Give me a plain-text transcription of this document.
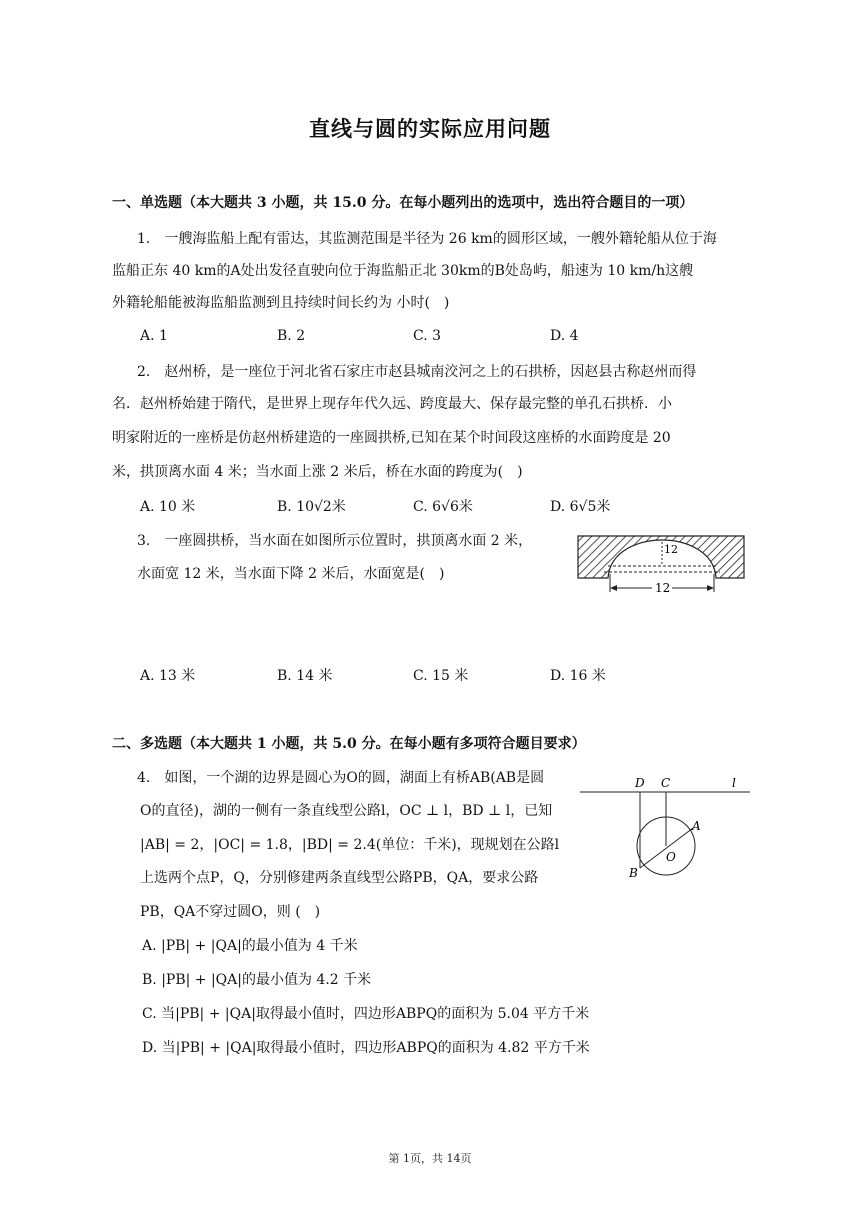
直线与圆的实际应用问题
一、单选题（本大题共 3 小题，共 15.0 分。在每小题列出的选项中，选出符合题目的一项）
1.　一艘海监船上配有雷达，其监测范围是半径为 26 km的圆形区域，一艘外籍轮船从位于海
监船正东 40 km的A处出发径直驶向位于海监船正北 30km的B处岛屿，船速为 10 km/h这艘
外籍轮船能被海监船监测到且持续时间长约为 小时(　)
A. 1	B. 2	C. 3	D. 4
2.　赵州桥，是一座位于河北省石家庄市赵县城南洨河之上的石拱桥，因赵县古称赵州而得
名．赵州桥始建于隋代，是世界上现存年代久远、跨度最大、保存最完整的单孔石拱桥．小
明家附近的一座桥是仿赵州桥建造的一座圆拱桥,已知在某个时间段这座桥的水面跨度是 20
米，拱顶离水面 4 米；当水面上涨 2 米后，桥在水面的跨度为(　)
A. 10 米	B. 10√2米	C. 6√6米	D. 6√5米
3.　一座圆拱桥，当水面在如图所示位置时，拱顶离水面 2 米，
水面宽 12 米，当水面下降 2 米后，水面宽是(　)
12
12
A. 13 米	B. 14 米	C. 15 米	D. 16 米
二、多选题（本大题共 1 小题，共 5.0 分。在每小题有多项符合题目要求）
4.　如图，一个湖的边界是圆心为O的圆，湖面上有桥AB(AB是圆
O的直径)，湖的一侧有一条直线型公路l，OC ⊥ l，BD ⊥ l，已知
|AB| = 2，|OC| = 1.8，|BD| = 2.4(单位：千米)，现规划在公路l
上选两个点P，Q，分别修建两条直线型公路PB，QA，要求公路
PB，QA不穿过圆O，则 (　)
D C	l
A
O
B
A. |PB| + |QA|的最小值为 4 千米
B. |PB| + |QA|的最小值为 4.2 千米
C. 当|PB| + |QA|取得最小值时，四边形ABPQ的面积为 5.04 平方千米
D. 当|PB| + |QA|取得最小值时，四边形ABPQ的面积为 4.82 平方千米
第 1页，共 14页
